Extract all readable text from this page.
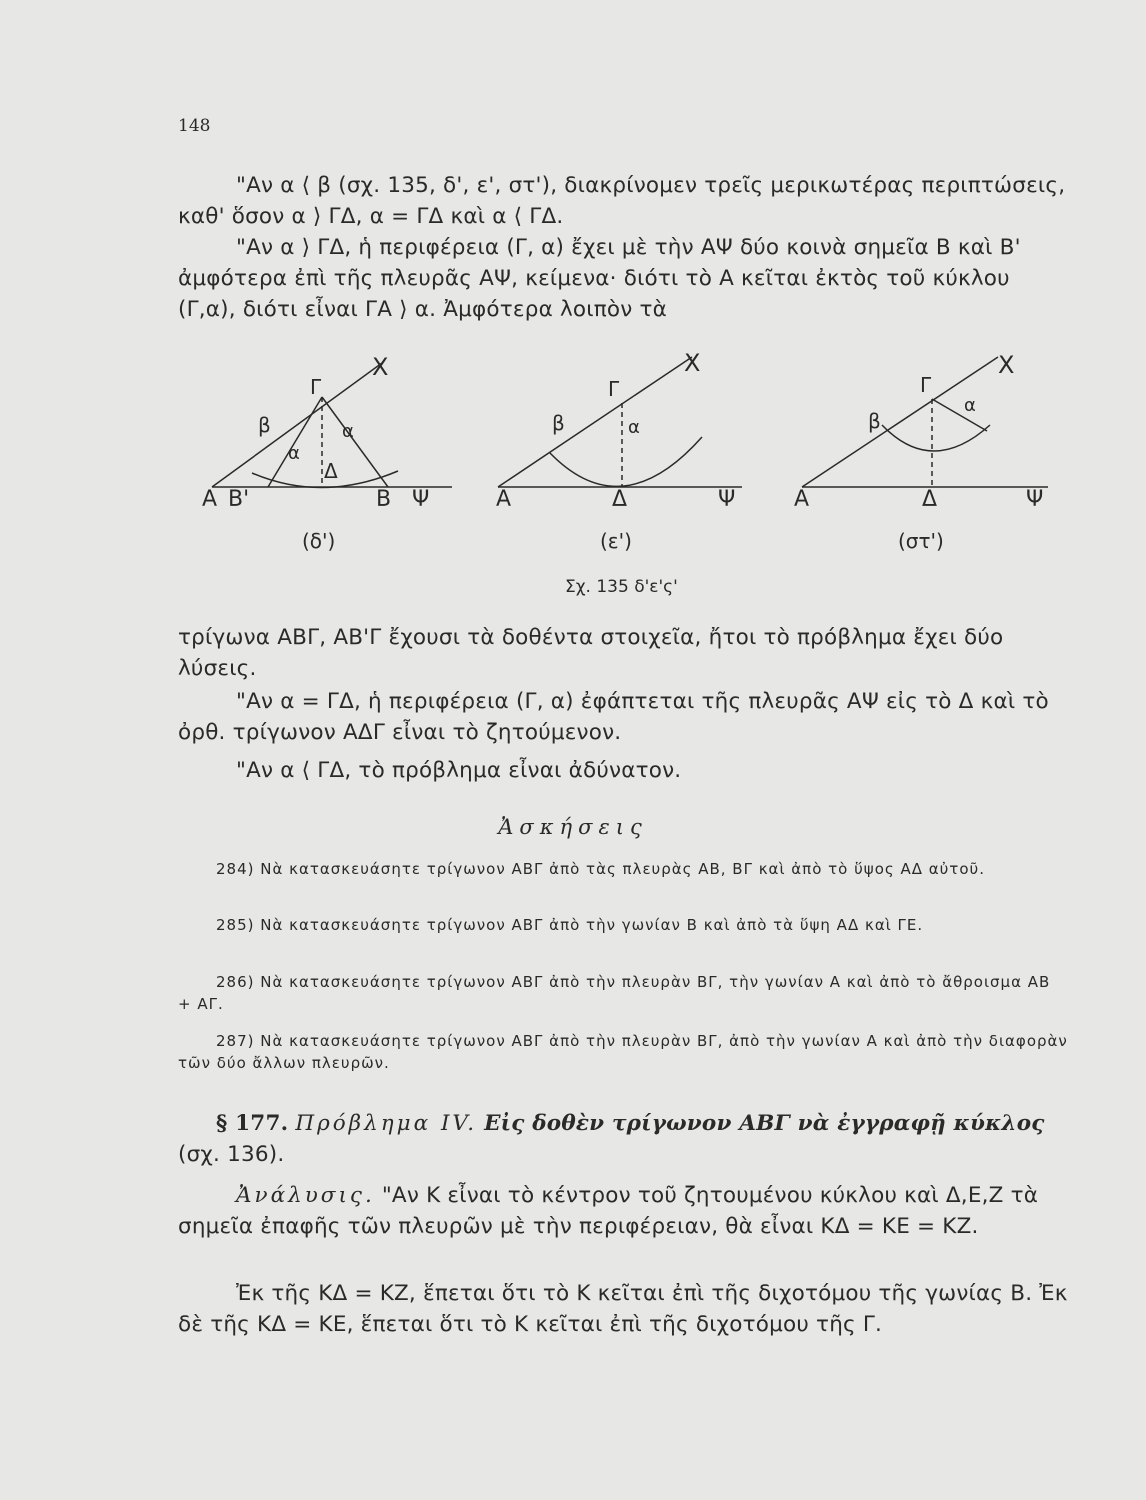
148

"Αν α ⟨ β (σχ. 135, δ', ε', στ'), διακρίνομεν τρεῖς μερικωτέρας περιπτώσεις, καθ' ὅσον α ⟩ ΓΔ, α = ΓΔ καὶ α ⟨ ΓΔ.

"Αν α ⟩ ΓΔ, ἡ περιφέρεια (Γ, α) ἔχει μὲ τὴν ΑΨ δύο κοινὰ σημεῖα Β καὶ Β' ἀμφότερα ἐπὶ τῆς πλευρᾶς ΑΨ, κείμενα· διότι τὸ Α κεῖται ἐκτὸς τοῦ κύκλου (Γ,α), διότι εἶναι ΓΑ ⟩ α. Ἀμφότερα λοιπὸν τὰ

X
Γ
β	α
α
Δ
Α Β'	Β Ψ
(δ')
X
Γ
β	α
Α	Δ	Ψ
(ε')
X
Γ
β
α
Α	Δ	Ψ
(στ')
Σχ. 135 δ'ε'ς'

τρίγωνα ΑΒΓ, ΑΒ'Γ ἔχουσι τὰ δοθέντα στοιχεῖα, ἤτοι τὸ πρόβλημα ἔχει δύο λύσεις.

"Αν α = ΓΔ, ἡ περιφέρεια (Γ, α) ἐφάπτεται τῆς πλευρᾶς ΑΨ εἰς τὸ Δ καὶ τὸ ὀρθ. τρίγωνον ΑΔΓ εἶναι τὸ ζητούμενον.

"Αν α ⟨ ΓΔ, τὸ πρόβλημα εἶναι ἀδύνατον.

Ἀσκήσεις

284) Νὰ κατασκευάσητε τρίγωνον ΑΒΓ ἀπὸ τὰς πλευρὰς ΑΒ, ΒΓ καὶ ἀπὸ τὸ ὕψος ΑΔ αὐτοῦ.

285) Νὰ κατασκευάσητε τρίγωνον ΑΒΓ ἀπὸ τὴν γωνίαν Β καὶ ἀπὸ τὰ ὕψη ΑΔ καὶ ΓΕ.

286) Νὰ κατασκευάσητε τρίγωνον ΑΒΓ ἀπὸ τὴν πλευρὰν ΒΓ, τὴν γωνίαν Α καὶ ἀπὸ τὸ ἄθροισμα ΑΒ + ΑΓ.

287) Νὰ κατασκευάσητε τρίγωνον ΑΒΓ ἀπὸ τὴν πλευρὰν ΒΓ, ἀπὸ τὴν γωνίαν Α καὶ ἀπὸ τὴν διαφορὰν τῶν δύο ἄλλων πλευρῶν.

§ 177. Πρόβλημα IV. Εἰς δοθὲν τρίγωνον ΑΒΓ νὰ ἐγγραφῇ κύκλος (σχ. 136).

Ἀνάλυσις. "Αν Κ εἶναι τὸ κέντρον τοῦ ζητουμένου κύκλου καὶ Δ,Ε,Ζ τὰ σημεῖα ἐπαφῆς τῶν πλευρῶν μὲ τὴν περιφέρειαν, θὰ εἶναι ΚΔ = ΚΕ = ΚΖ.

Ἐκ τῆς ΚΔ = ΚΖ, ἕπεται ὅτι τὸ Κ κεῖται ἐπὶ τῆς διχοτόμου τῆς γωνίας Β. Ἐκ δὲ τῆς ΚΔ = ΚΕ, ἕπεται ὅτι τὸ Κ κεῖται ἐπὶ τῆς διχοτόμου τῆς Γ.
